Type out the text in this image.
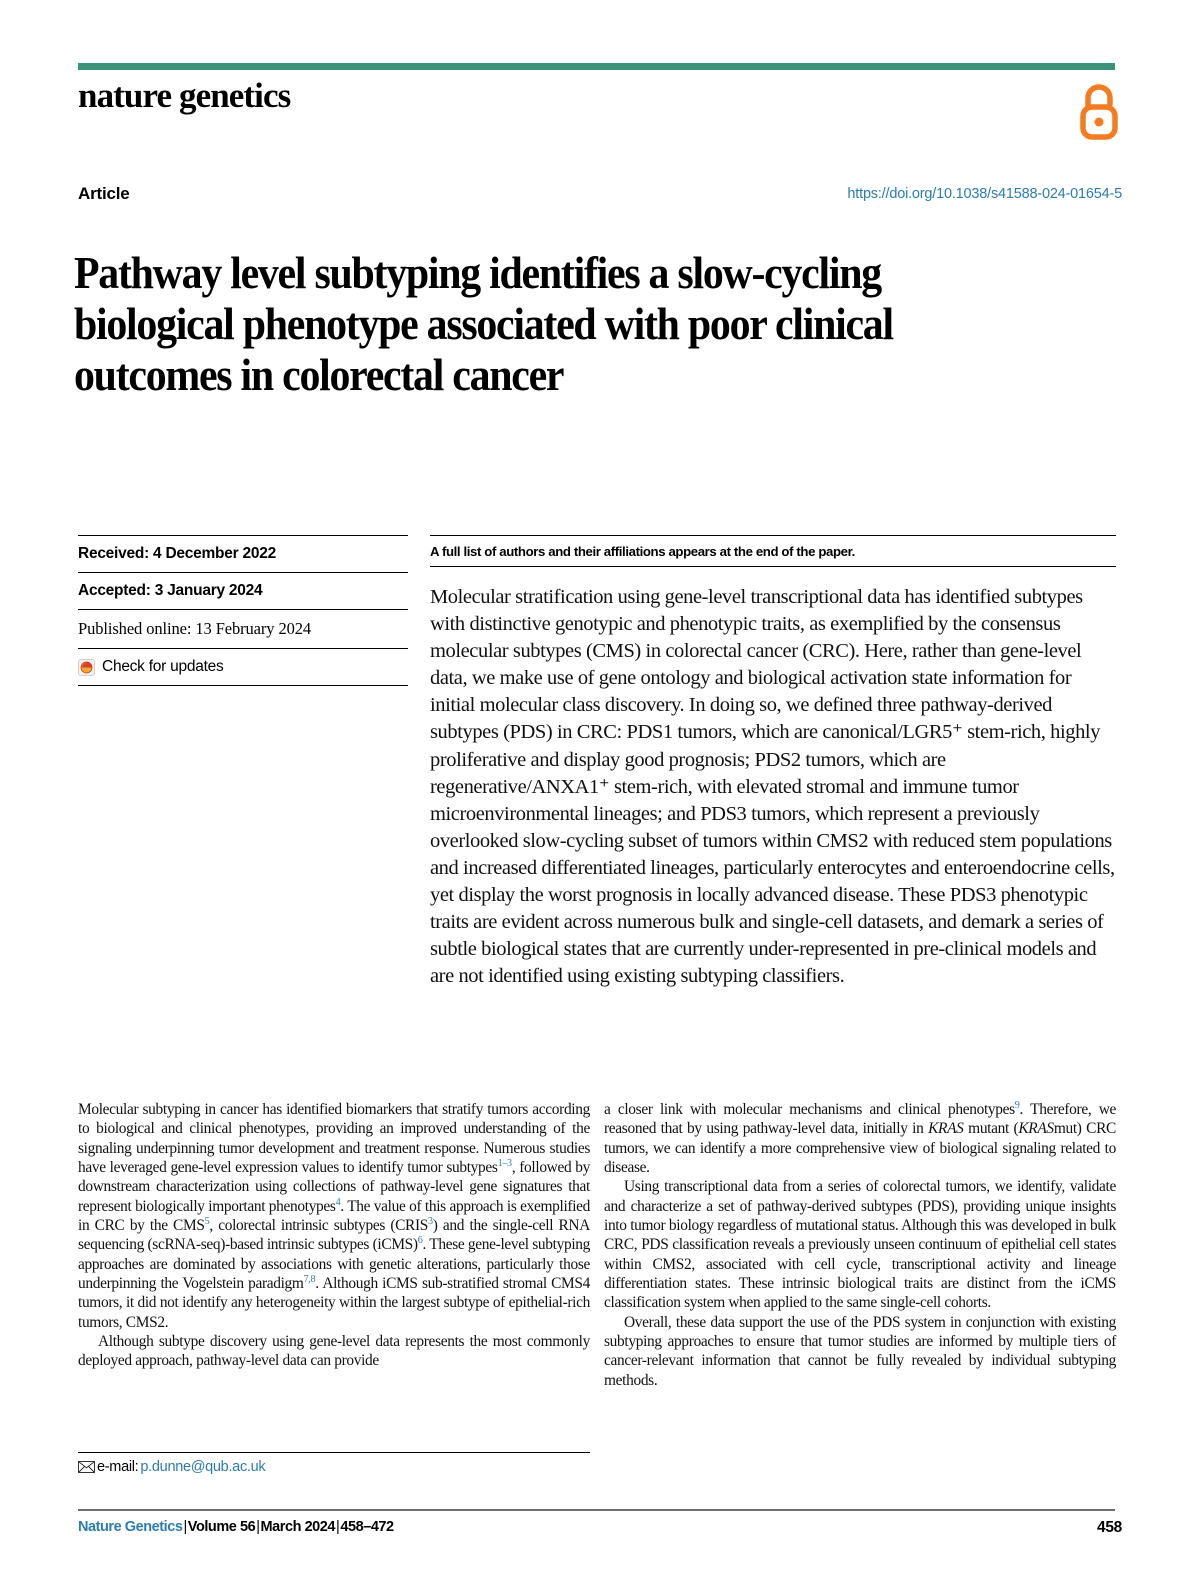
nature genetics
Article	https://doi.org/10.1038/s41588-024-01654-5
Pathway level subtyping identifies a slow-cycling biological phenotype associated with poor clinical outcomes in colorectal cancer
Received: 4 December 2022
Accepted: 3 January 2024
Published online: 13 February 2024
Check for updates
A full list of authors and their affiliations appears at the end of the paper.
Molecular stratification using gene-level transcriptional data has identified subtypes with distinctive genotypic and phenotypic traits, as exemplified by the consensus molecular subtypes (CMS) in colorectal cancer (CRC). Here, rather than gene-level data, we make use of gene ontology and biological activation state information for initial molecular class discovery. In doing so, we defined three pathway-derived subtypes (PDS) in CRC: PDS1 tumors, which are canonical/LGR5⁺ stem-rich, highly proliferative and display good prognosis; PDS2 tumors, which are regenerative/ANXA1⁺ stem-rich, with elevated stromal and immune tumor microenvironmental lineages; and PDS3 tumors, which represent a previously overlooked slow-cycling subset of tumors within CMS2 with reduced stem populations and increased differentiated lineages, particularly enterocytes and enteroendocrine cells, yet display the worst prognosis in locally advanced disease. These PDS3 phenotypic traits are evident across numerous bulk and single-cell datasets, and demark a series of subtle biological states that are currently under-represented in pre-clinical models and are not identified using existing subtyping classifiers.

Molecular subtyping in cancer has identified biomarkers that stratify tumors according to biological and clinical phenotypes, providing an improved understanding of the signaling underpinning tumor development and treatment response. Numerous studies have leveraged gene-level expression values to identify tumor subtypes$^{1-3}$, followed by downstream characterization using collections of pathway-level gene signatures that represent biologically important phenotypes$^4$. The value of this approach is exemplified in CRC by the CMS$^5$, colorectal intrinsic subtypes (CRIS$^3$) and the single-cell RNA sequencing (scRNA-seq)-based intrinsic subtypes (iCMS)$^6$. These gene-level subtyping approaches are dominated by associations with genetic alterations, particularly those underpinning the Vogelstein paradigm$^{7,8}$. Although iCMS sub-stratified stromal CMS4 tumors, it did not identify any heterogeneity within the largest subtype of epithelial-rich tumors, CMS2.

Although subtype discovery using gene-level data represents the most commonly deployed approach, pathway-level data can provide

a closer link with molecular mechanisms and clinical phenotypes$^9$. Therefore, we reasoned that by using pathway-level data, initially in KRAS mutant (KRASmut) CRC tumors, we can identify a more comprehensive view of biological signaling related to disease.

Using transcriptional data from a series of colorectal tumors, we identify, validate and characterize a set of pathway-derived subtypes (PDS), providing unique insights into tumor biology regardless of mutational status. Although this was developed in bulk CRC, PDS classification reveals a previously unseen continuum of epithelial cell states within CMS2, associated with cell cycle, transcriptional activity and lineage differentiation states. These intrinsic biological traits are distinct from the iCMS classification system when applied to the same single-cell cohorts.

Overall, these data support the use of the PDS system in conjunction with existing subtyping approaches to ensure that tumor studies are informed by multiple tiers of cancer-relevant information that cannot be fully revealed by individual subtyping methods.

e-mail: p.dunne@qub.ac.uk
Nature Genetics|Volume 56|March 2024|458–472	458
